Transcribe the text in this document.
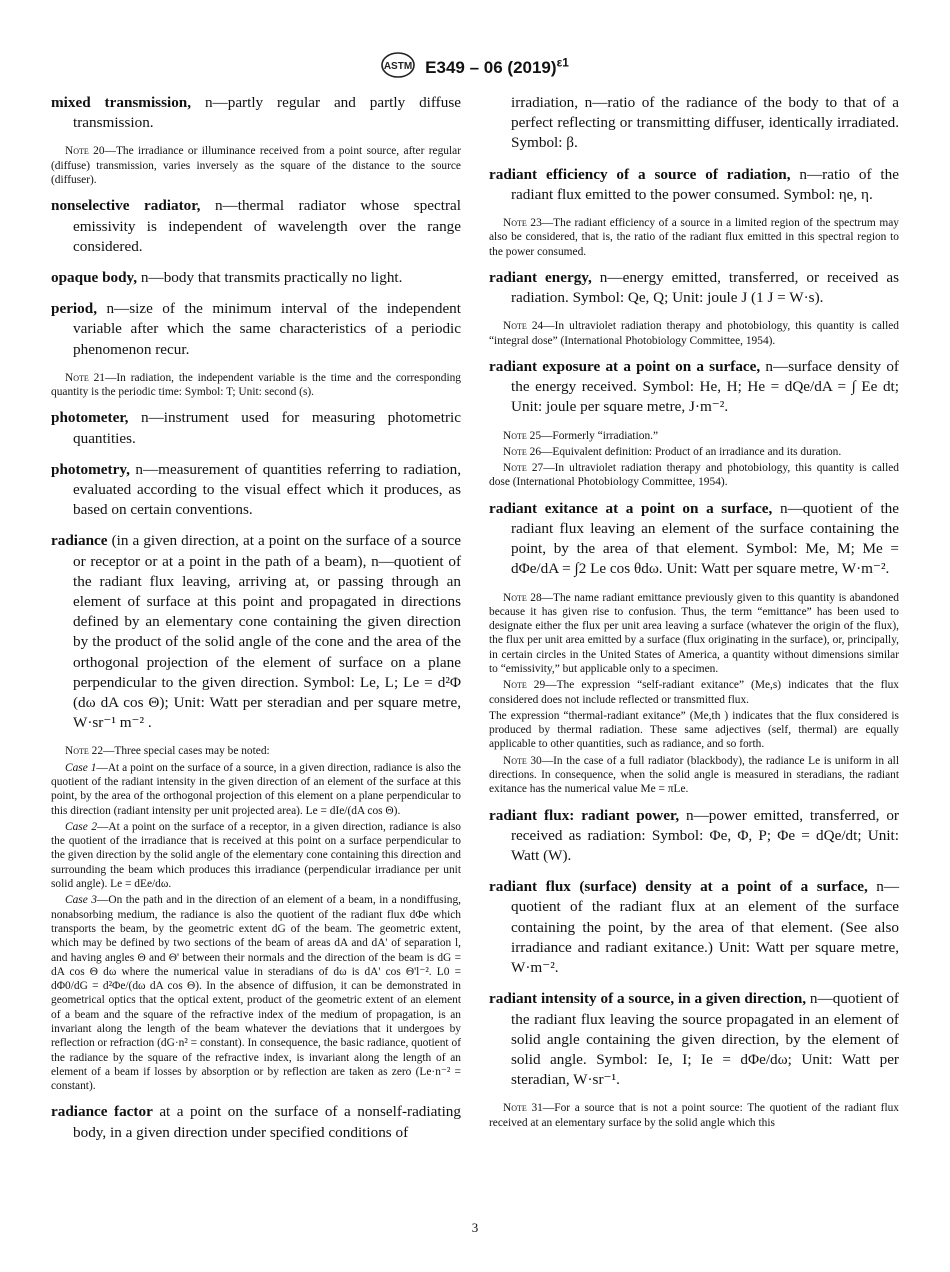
ASTM E349 – 06 $(2019)^{\varepsilon 1}$

mixed transmission, n—partly regular and partly diffuse transmission.

Note 20—The irradiance or illuminance received from a point source, after regular (diffuse) transmission, varies inversely as the square of the distance to the source (diffuser).

nonselective radiator, n—thermal radiator whose spectral emissivity is independent of wavelength over the range considered.

opaque body, n—body that transmits practically no light.

period, n—size of the minimum interval of the independent variable after which the same characteristics of a periodic phenomenon recur.

Note 21—In radiation, the independent variable is the time and the corresponding quantity is the periodic time: Symbol: T; Unit: second (s).

photometer, n—instrument used for measuring photometric quantities.

photometry, n—measurement of quantities referring to radiation, evaluated according to the visual effect which it produces, as based on certain conventions.

radiance (in a given direction, at a point on the surface of a source or receptor or at a point in the path of a beam), n—quotient of the radiant flux leaving, arriving at, or passing through an element of surface at this point and propagated in directions defined by an elementary cone containing the given direction by the product of the solid angle of the cone and the area of the orthogonal projection of the element of surface on a plane perpendicular to the given direction. Symbol: Le, L; Le = d²Φ (dω dA cos Θ); Unit: Watt per steradian and per square metre, W·sr⁻¹ m⁻² .

Note 22—Three special cases may be noted:

Case 1—At a point on the surface of a source, in a given direction, radiance is also the quotient of the radiant intensity in the given direction of an element of the surface at this point, by the area of the orthogonal projection of this element on a plane perpendicular to this direction (radiant intensity per unit projected area). Le = dIe/(dA cos Θ).

Case 2—At a point on the surface of a receptor, in a given direction, radiance is also the quotient of the irradiance that is received at this point on a surface perpendicular to the given direction by the solid angle of the elementary cone containing this direction and surrounding the beam which produces this irradiance (perpendicular irradiance per unit solid angle). Le = dEe/dω.

Case 3—On the path and in the direction of an element of a beam, in a nondiffusing, nonabsorbing medium, the radiance is also the quotient of the radiant flux dΦe which transports the beam, by the geometric extent dG of the beam. The geometric extent, which may be defined by two sections of the beam of areas dA and dA' of separation l, and having angles Θ and Θ' between their normals and the direction of the beam is dG = dA cos Θ dω where the numerical value in steradians of dω is dA' cos Θ'l⁻². L0 = dΦ0/dG = d²Φe/(dω dA cos Θ). In the absence of diffusion, it can be demonstrated in geometrical optics that the optical extent, product of the geometric extent of an element of a beam and the square of the refractive index of the medium of propagation, is an invariant along the length of the beam whatever the deviations that it undergoes by reflection or refraction (dG·n² = constant). In consequence, the basic radiance, quotient of the radiance by the square of the refractive index, is invariant along the length of an element of a beam if losses by absorption or by reflection are taken as zero (Le·n⁻² = constant).

radiance factor at a point on the surface of a nonself-radiating body, in a given direction under specified conditions of

irradiation, n—ratio of the radiance of the body to that of a perfect reflecting or transmitting diffuser, identically irradiated. Symbol: β.

radiant efficiency of a source of radiation, n—ratio of the radiant flux emitted to the power consumed. Symbol: ηe, η.

Note 23—The radiant efficiency of a source in a limited region of the spectrum may also be considered, that is, the ratio of the radiant flux emitted in this spectral region to the power consumed.

radiant energy, n—energy emitted, transferred, or received as radiation. Symbol: Qe, Q; Unit: joule J (1 J = W·s).

Note 24—In ultraviolet radiation therapy and photobiology, this quantity is called “integral dose” (International Photobiology Committee, 1954).

radiant exposure at a point on a surface, n—surface density of the energy received. Symbol: He, H; He = dQe/dA = ∫ Ee dt; Unit: joule per square metre, J·m⁻².

Note 25—Formerly “irradiation.”

Note 26—Equivalent definition: Product of an irradiance and its duration.

Note 27—In ultraviolet radiation therapy and photobiology, this quantity is called dose (International Photobiology Committee, 1954).

radiant exitance at a point on a surface, n—quotient of the radiant flux leaving an element of the surface containing the point, by the area of that element. Symbol: Me, M; Me = dΦe/dA = ∫2 Le cos θdω. Unit: Watt per square metre, W·m⁻².

Note 28—The name radiant emittance previously given to this quantity is abandoned because it has given rise to confusion. Thus, the term “emittance” has been used to designate either the flux per unit area leaving a surface (whatever the origin of the flux), the flux per unit area emitted by a surface (flux originating in the surface), or, principally, in certain circles in the United States of America, a quantity without dimensions similar to “emissivity,” but applicable only to a specimen.

Note 29—The expression “self-radiant exitance” (Me,s) indicates that the flux considered does not include reflected or transmitted flux.

The expression “thermal-radiant exitance” (Me,th ) indicates that the flux considered is produced by thermal radiation. These same adjectives (self, thermal) are equally applicable to other quantities, such as radiance, and so forth.

Note 30—In the case of a full radiator (blackbody), the radiance Le is uniform in all directions. In consequence, when the solid angle is measured in steradians, the radiant exitance has the numerical value Me = πLe.

radiant flux: radiant power, n—power emitted, transferred, or received as radiation: Symbol: Φe, Φ, P; Φe = dQe/dt; Unit: Watt (W).

radiant flux (surface) density at a point of a surface, n—quotient of the radiant flux at an element of the surface containing the point, by the area of that element. (See also irradiance and radiant exitance.) Unit: Watt per square metre, W·m⁻².

radiant intensity of a source, in a given direction, n—quotient of the radiant flux leaving the source propagated in an element of solid angle containing the given direction, by the element of solid angle. Symbol: Ie, I; Ie = dΦe/dω; Unit: Watt per steradian, W·sr⁻¹.

Note 31—For a source that is not a point source: The quotient of the radiant flux received at an elementary surface by the solid angle which this

3
